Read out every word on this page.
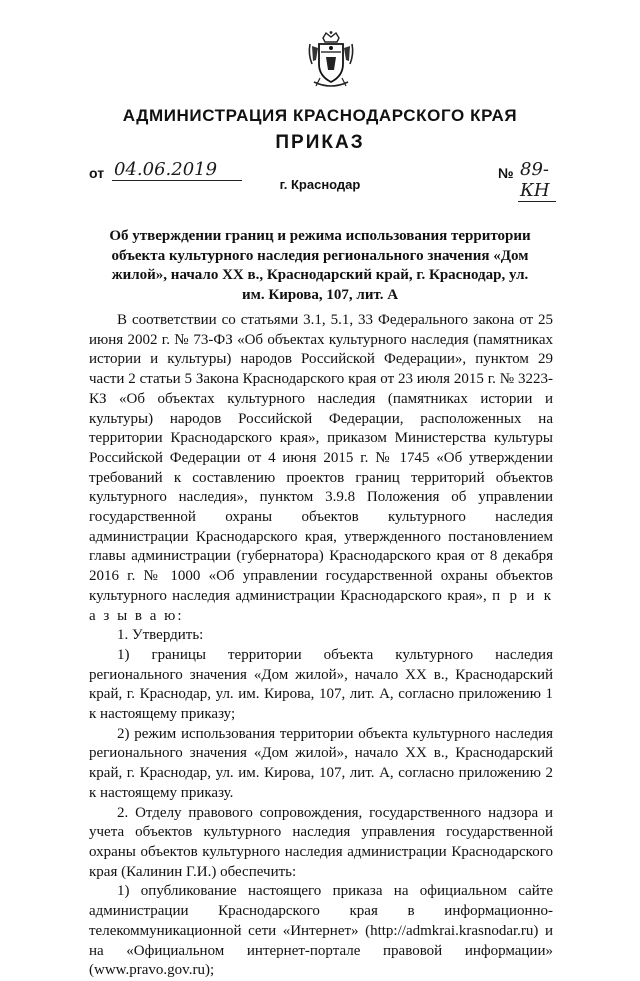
АДМИНИСТРАЦИЯ КРАСНОДАРСКОГО КРАЯ
ПРИКАЗ
от 04.06.2019	№ 89-КН
г. Краснодар
Об утверждении границ и режима использования территории объекта культурного наследия регионального значения «Дом жилой», начало XX в., Краснодарский край, г. Краснодар, ул. им. Кирова, 107, лит. А

В соответствии со статьями 3.1, 5.1, 33 Федерального закона от 25 июня 2002 г. № 73-ФЗ «Об объектах культурного наследия (памятниках истории и культуры) народов Российской Федерации», пунктом 29 части 2 статьи 5 Закона Краснодарского края от 23 июля 2015 г. № 3223-КЗ «Об объектах культурного наследия (памятниках истории и культуры) народов Российской Федерации, расположенных на территории Краснодарского края», приказом Министерства культуры Российской Федерации от 4 июня 2015 г. № 1745 «Об утверждении требований к составлению проектов границ территорий объектов культурного наследия», пунктом 3.9.8 Положения об управлении государственной охраны объектов культурного наследия администрации Краснодарского края, утвержденного постановлением главы администрации (губернатора) Краснодарского края от 8 декабря 2016 г. № 1000 «Об управлении государственной охраны объектов культурного наследия администрации Краснодарского края», п р и к а з ы в а ю:

1. Утвердить:

1) границы территории объекта культурного наследия регионального значения «Дом жилой», начало XX в., Краснодарский край, г. Краснодар, ул. им. Кирова, 107, лит. А, согласно приложению 1 к настоящему приказу;

2) режим использования территории объекта культурного наследия регионального значения «Дом жилой», начало XX в., Краснодарский край, г. Краснодар, ул. им. Кирова, 107, лит. А, согласно приложению 2 к настоящему приказу.

2. Отделу правового сопровождения, государственного надзора и учета объектов культурного наследия управления государственной охраны объектов культурного наследия администрации Краснодарского края (Калинин Г.И.) обеспечить:

1) опубликование настоящего приказа на официальном сайте администрации Краснодарского края в информационно-телекоммуникационной сети «Интернет» (http://admkrai.krasnodar.ru) и на «Официальном интернет-портале правовой информации» (www.pravo.gov.ru);
